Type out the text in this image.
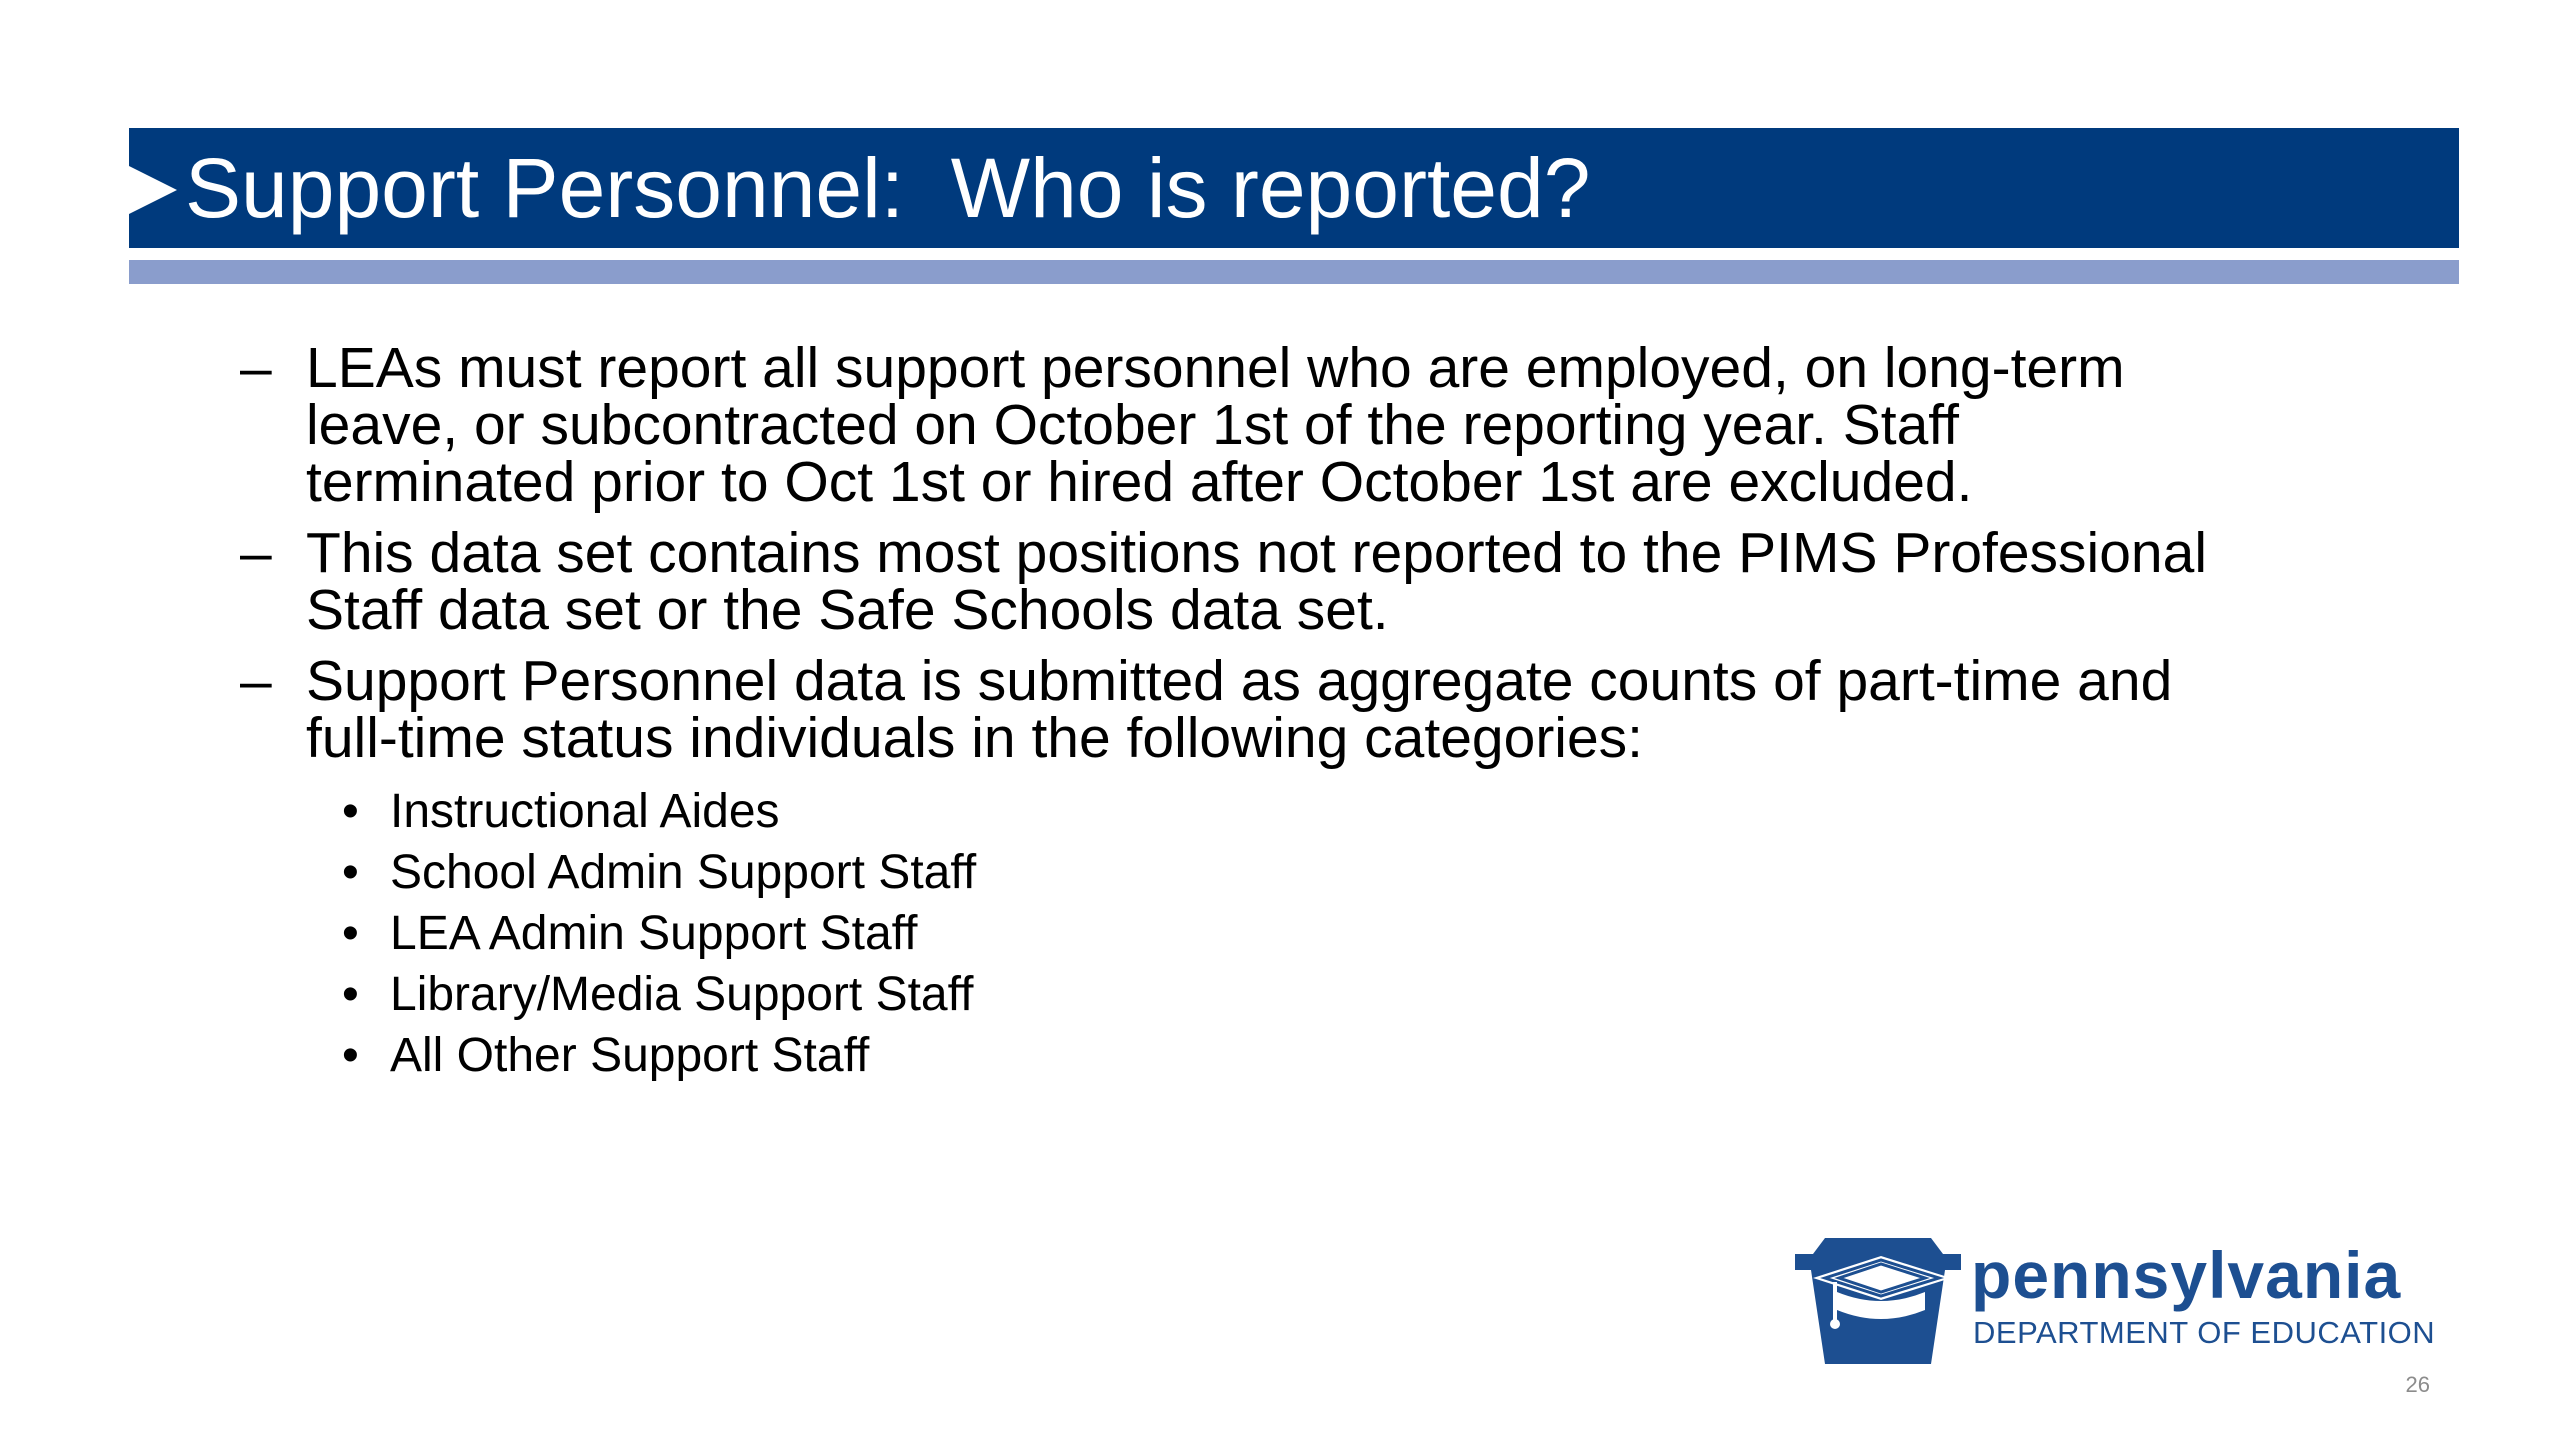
Support Personnel:  Who is reported?
– LEAs must report all support personnel who are employed, on long-term leave, or subcontracted on October 1st of the reporting year. Staff terminated prior to Oct 1st or hired after October 1st are excluded.
– This data set contains most positions not reported to the PIMS Professional Staff data set or the Safe Schools data set.
– Support Personnel data is submitted as aggregate counts of part-time and full-time status individuals in the following categories:
• Instructional Aides
• School Admin Support Staff
• LEA Admin Support Staff
• Library/Media Support Staff
• All Other Support Staff
pennsylvania
DEPARTMENT OF EDUCATION
26
